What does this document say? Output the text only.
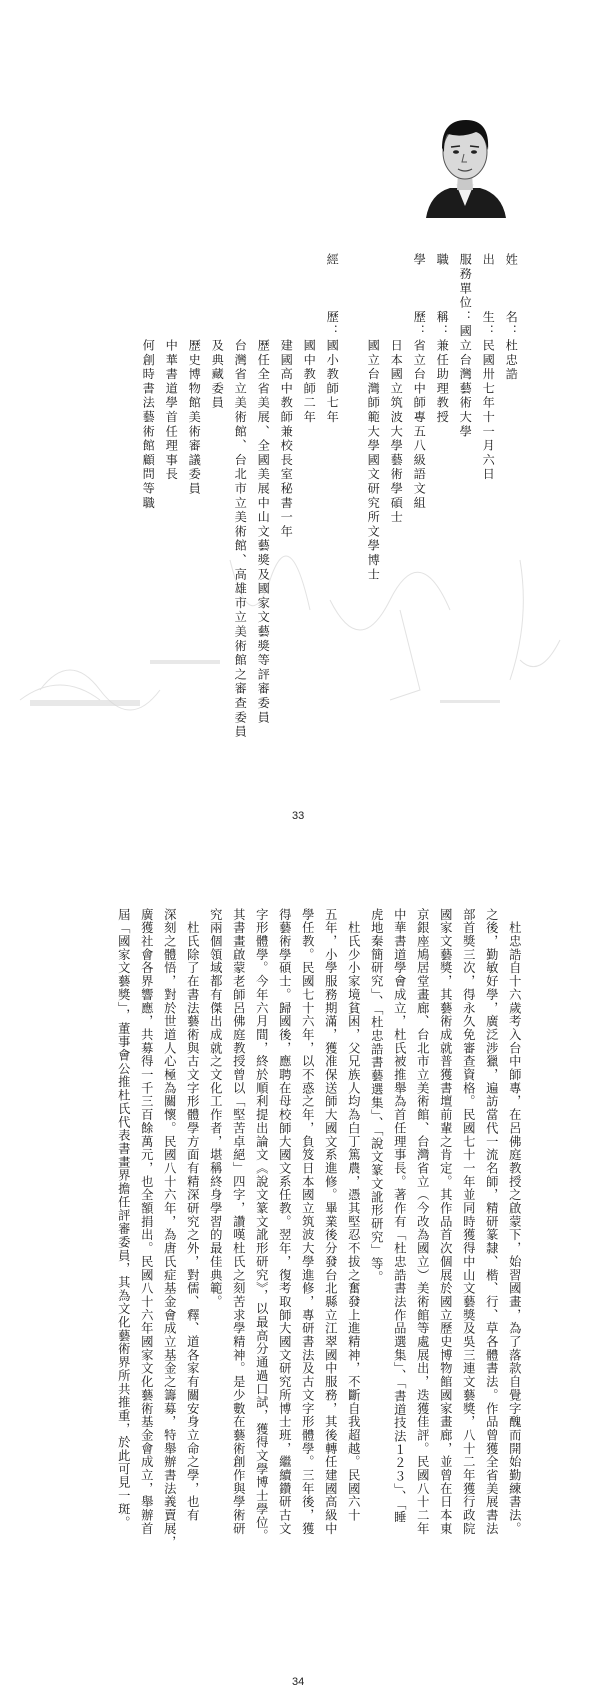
姓　　　名：杜忠誥
出　　　生：民國卅七年十一月六日
服務單位：國立台灣藝術大學
職　　　稱：兼任助理教授
學　　　歷：省立台中師專五八級語文組
　　　　　　日本國立筑波大學藝術學碩士
　　　　　　國立台灣師範大學國文研究所文學博士
經　　　歷：國小教師七年
　　　　　　國中教師二年
　　　　　　建國高中教師兼校長室秘書一年
　　　　　　歷任全省美展、全國美展中山文藝獎及國家文藝獎等評審委員
　　　　　　台灣省立美術館、台北市立美術館、高雄市立美術館之審查委員
　　　　　　及典藏委員
　　　　　　歷史博物館美術審議委員
　　　　　　中華書道學首任理事長
　　　　　　何創時書法藝術館顧問等職
33
　杜忠誥自十六歲考入台中師專，在呂佛庭教授之啟蒙下，始習國畫，為了落款自覺字醜而開始勤練書法。
之後，勤敏好學，廣泛涉獵，遍訪當代一流名師，精研篆隸、楷、行、草各體書法。作品曾獲全省美展書法
部首獎三次，得永久免審查資格。民國七十一年並同時獲得中山文藝獎及吳三連文藝獎，八十二年獲行政院
國家文藝獎，其藝術成就普獲書壇前輩之肯定。其作品首次個展於國立歷史博物館國家畫廊，並曾在日本東
京銀座鳩居堂畫廊、台北市立美術館、台灣省立（今改為國立）美術館等處展出，迭獲佳評。民國八十二年
中華書道學會成立，杜氏被推舉為首任理事長。著作有「杜忠誥書法作品選集」、「書道技法１２３」、「睡
虎地秦簡研究」、「杜忠誥書藝選集」、「說文篆文訛形研究」等。
　杜氏少小家境貧困，父兄族人均為白丁篤農，憑其堅忍不拔之奮發上進精神，不斷自我超越。民國六十
五年，小學服務期滿，獲准保送師大國文系進修。畢業後分發台北縣立江翠國中服務，其後轉任建國高級中
學任教。民國七十六年，以不惑之年，負笈日本國立筑波大學進修，專研書法及古文字形體學。三年後，獲
得藝術學碩士。歸國後，應聘在母校師大國文系任教。翌年，復考取師大國文研究所博士班，繼續鑽研古文
字形體學。今年六月間，終於順利提出論文《說文篆文訛形研究》，以最高分通過口試，獲得文學博士學位。
其書畫啟蒙老師呂佛庭教授曾以「堅苦卓絕」四字，讚嘆杜氏之刻苦求學精神。是少數在藝術創作與學術研
究兩個領域都有傑出成就之文化工作者，堪稱終身學習的最佳典範。
　杜氏除了在書法藝術與古文字形體學方面有精深研究之外，對儒、釋、道各家有關安身立命之學，也有
深刻之體悟，對於世道人心極為關懷。民國八十六年，為唐氏症基金會成立基金之籌募，特舉辦書法義賣展，
廣獲社會各界響應，共募得一千三百餘萬元，也全額捐出。民國八十六年國家文化藝術基金會成立，舉辦首
屆「國家文藝獎」，董事會公推杜氏代表書畫界擔任評審委員，其為文化藝術界所共推重，於此可見一斑。
34
